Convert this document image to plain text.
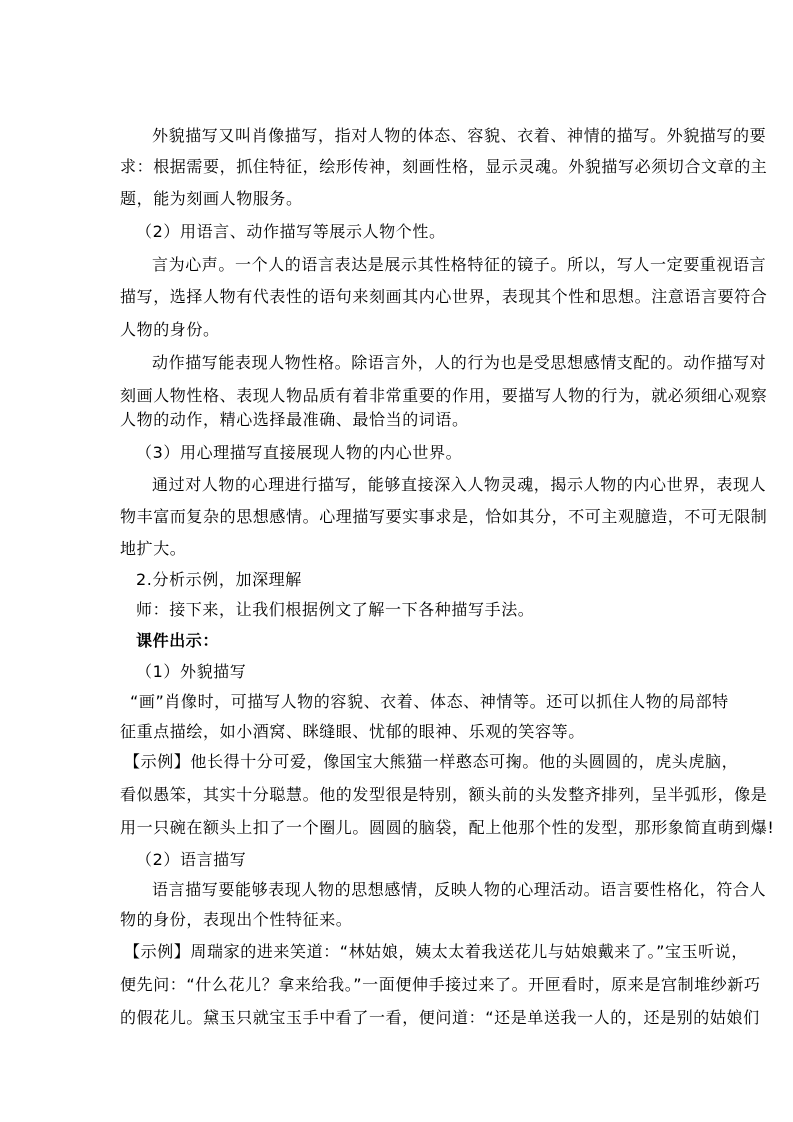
外貌描写又叫肖像描写，指对人物的体态、容貌、衣着、神情的描写。外貌描写的要
求：根据需要，抓住特征，绘形传神，刻画性格，显示灵魂。外貌描写必须切合文章的主
题，能为刻画人物服务。
（2）用语言、动作描写等展示人物个性。
言为心声。一个人的语言表达是展示其性格特征的镜子。所以，写人一定要重视语言
描写，选择人物有代表性的语句来刻画其内心世界，表现其个性和思想。注意语言要符合
人物的身份。
动作描写能表现人物性格。除语言外，人的行为也是受思想感情支配的。动作描写对
刻画人物性格、表现人物品质有着非常重要的作用，要描写人物的行为，就必须细心观察
人物的动作，精心选择最准确、最恰当的词语。
（3）用心理描写直接展现人物的内心世界。
通过对人物的心理进行描写，能够直接深入人物灵魂，揭示人物的内心世界，表现人
物丰富而复杂的思想感情。心理描写要实事求是，恰如其分，不可主观臆造，不可无限制
地扩大。
2.分析示例，加深理解
师：接下来，让我们根据例文了解一下各种描写手法。
课件出示：
（1）外貌描写
“画”肖像时，可描写人物的容貌、衣着、体态、神情等。还可以抓住人物的局部特
征重点描绘，如小酒窝、眯缝眼、忧郁的眼神、乐观的笑容等。
【示例】他长得十分可爱，像国宝大熊猫一样憨态可掬。他的头圆圆的，虎头虎脑，
看似愚笨，其实十分聪慧。他的发型很是特别，额头前的头发整齐排列，呈半弧形，像是
用一只碗在额头上扣了一个圈儿。圆圆的脑袋，配上他那个性的发型，那形象简直萌到爆!
（2）语言描写
语言描写要能够表现人物的思想感情，反映人物的心理活动。语言要性格化，符合人
物的身份，表现出个性特征来。
【示例】周瑞家的进来笑道：“林姑娘，姨太太着我送花儿与姑娘戴来了。”宝玉听说，
便先问：“什么花儿？拿来给我。”一面便伸手接过来了。开匣看时，原来是宫制堆纱新巧
的假花儿。黛玉只就宝玉手中看了一看，便问道：“还是单送我一人的，还是别的姑娘们
